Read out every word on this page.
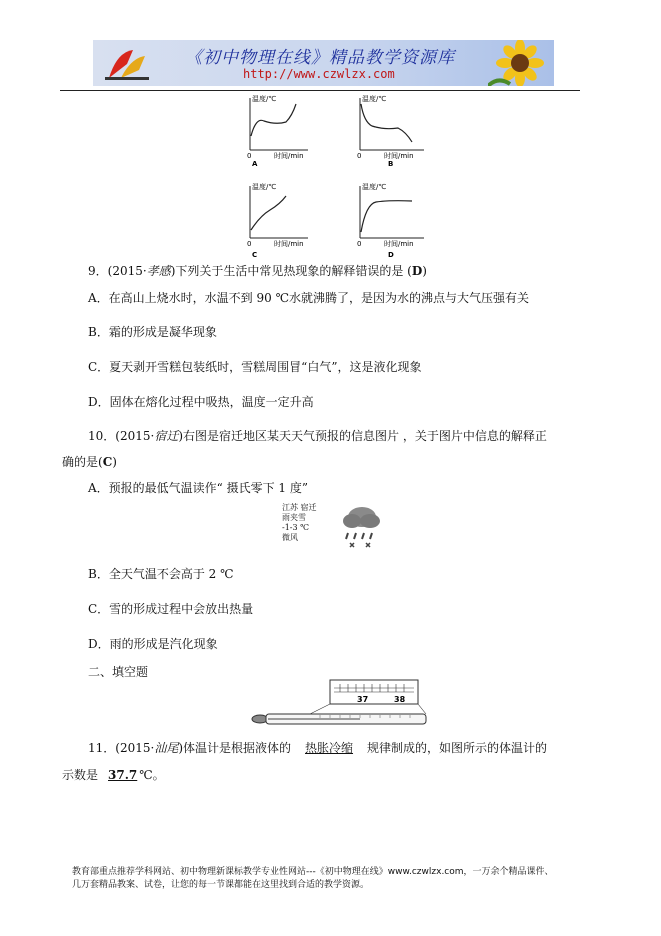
《初中物理在线》精品教学资源库
http://www.czwlzx.com
温度/℃
0	时间/min
A
温度/℃
0	时间/min
B
温度/℃
0	时间/min
C
温度/℃
0	时间/min
D
9．(2015·孝感)下列关于生活中常见热现象的解释错误的是 (D)
A．在高山上烧水时，水温不到 90 ℃水就沸腾了，是因为水的沸点与大气压强有关
B．霜的形成是凝华现象
C．夏天剥开雪糕包装纸时，雪糕周围冒“白气”，这是液化现象
D．固体在熔化过程中吸热，温度一定升高
10．(2015·宿迁)右图是宿迁地区某天天气预报的信息图片 ，关于图片中信息的解释正
确的是(C)
A．预报的最低气温读作“ 摄氏零下 1 度”
江苏 宿迁
雨夹雪
-1-3 ℃
微风
B．全天气温不会高于 2 ℃
C．雪的形成过程中会放出热量
D．雨的形成是汽化现象
二、填空题
37	38
11．(2015·汕尾)体温计是根据液体的 热胀冷缩 规律制成的，如图所示的体温计的
示数是 37.7 ℃。
教育部重点推荐学科网站、初中物理新课标教学专业性网站---《初中物理在线》www.czwlzx.com，一万余个精品课件、
几万套精品教案、试卷，让您的每一节课都能在这里找到合适的教学资源。
